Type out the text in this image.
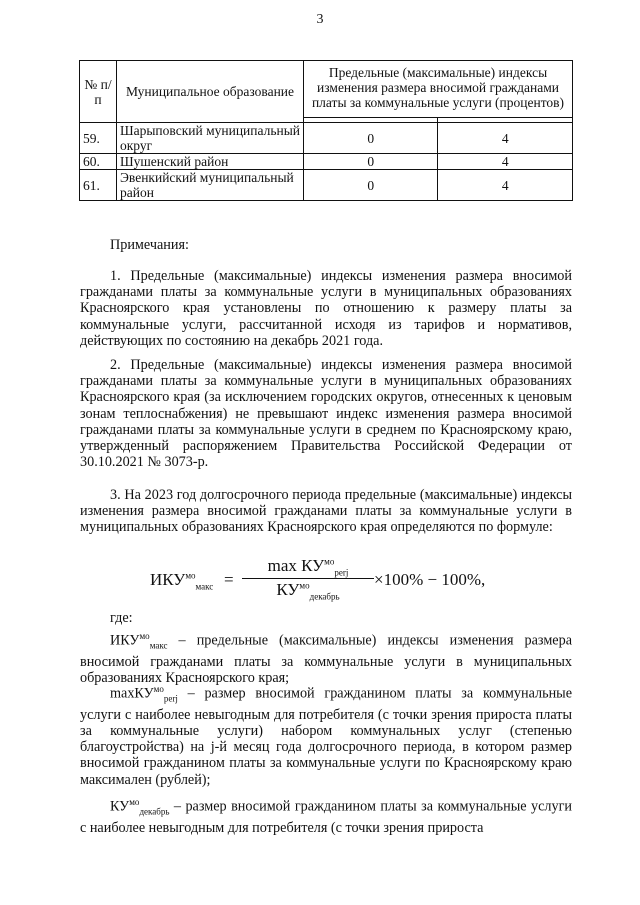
3
№ п/п	Муниципальное образование	Предельные (максимальные) индексы изменения размера вносимой гражданами платы за коммунальные услуги (процентов)	

59.	Шарыповский муниципальный округ	0	4
60.	Шушенский район	0	4
61.	Эвенкийский муниципальный район	0	4

Примечания:

1. Предельные (максимальные) индексы изменения размера вносимой гражданами платы за коммунальные услуги в муниципальных образованиях Красноярского края установлены по отношению к размеру платы за коммунальные услуги, рассчитанной исходя из тарифов и нормативов, действующих по состоянию на декабрь 2021 года.

2. Предельные (максимальные) индексы изменения размера вносимой гражданами платы за коммунальные услуги в муниципальных образованиях Красноярского края (за исключением городских округов, отнесенных к ценовым зонам теплоснабжения) не превышают индекс изменения размера вносимой гражданами платы за коммунальные услуги в среднем по Красноярскому краю, утвержденный распоряжением Правительства Российской Федерации от 30.10.2021 № 3073-р.

3. На 2023 год долгосрочного периода предельные (максимальные) индексы изменения размера вносимой гражданами платы за коммунальные услуги в муниципальных образованиях Красноярского края определяются по формуле:

$ИКУ^{мо}_{макс}$ =
$\max КУ^{мо}_{perj}$
$КУ^{мо}_{декабрь}$
×100% − 100%,

где:

$ИКУ^{мо}_{макс}$ – предельные (максимальные) индексы изменения размера вносимой гражданами платы за коммунальные услуги в муниципальных образованиях Красноярского края;

maxКУ$^{мо}_{perj}$ – размер вносимой гражданином платы за коммунальные услуги с наиболее невыгодным для потребителя (с точки зрения прироста платы за коммунальные услуги) набором коммунальных услуг (степенью благоустройства) на j-й месяц года долгосрочного периода, в котором размер вносимой гражданином платы за коммунальные услуги по Красноярскому краю максимален (рублей);

$КУ^{мо}_{декабрь}$ – размер вносимой гражданином платы за коммунальные услуги с наиболее невыгодным для потребителя (с точки зрения прироста
